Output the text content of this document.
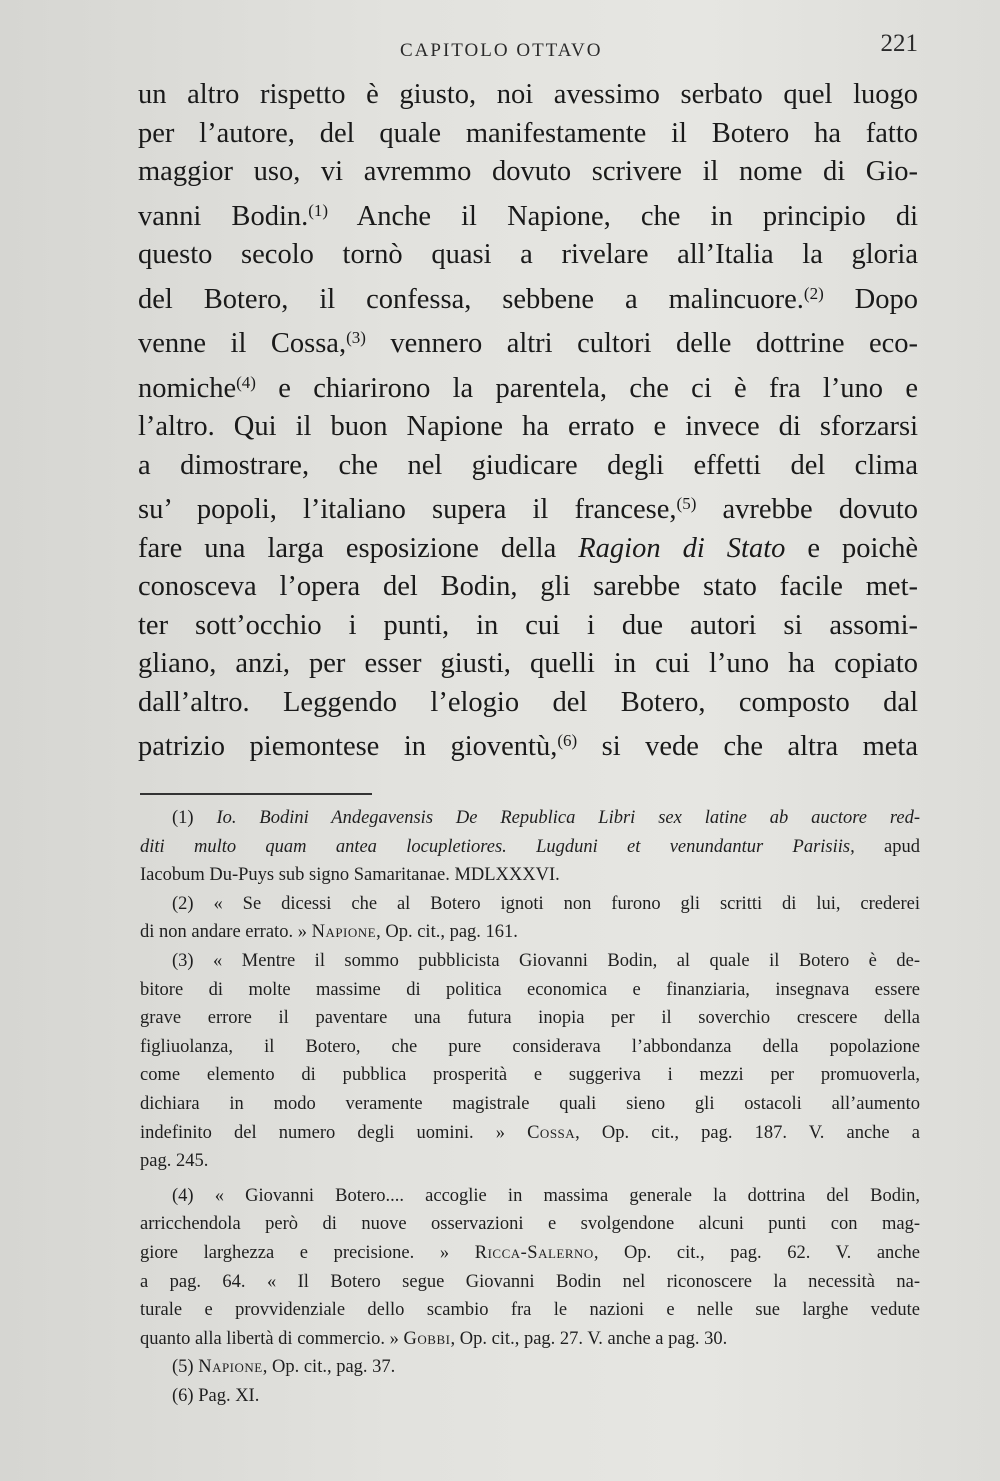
CAPITOLO OTTAVO	221
un altro rispetto è giusto, noi avessimo serbato quel luogo
per l’autore, del quale manifestamente il Botero ha fatto
maggior uso, vi avremmo dovuto scrivere il nome di Gio-
vanni Bodin.$^{(1)}$ Anche il Napione, che in principio di
questo secolo tornò quasi a rivelare all’Italia la gloria
del Botero, il confessa, sebbene a malincuore.$^{(2)}$ Dopo
venne il Cossa,$^{(3)}$ vennero altri cultori delle dottrine eco-
nomiche$^{(4)}$ e chiarirono la parentela, che ci è fra l’uno e
l’altro. Qui il buon Napione ha errato e invece di sforzarsi
a dimostrare, che nel giudicare degli effetti del clima
su’ popoli, l’italiano supera il francese,$^{(5)}$ avrebbe dovuto
fare una larga esposizione della Ragion di Stato e poichè
conosceva l’opera del Bodin, gli sarebbe stato facile met-
ter sott’occhio i punti, in cui i due autori si assomi-
gliano, anzi, per esser giusti, quelli in cui l’uno ha copiato
dall’altro. Leggendo l’elogio del Botero, composto dal
patrizio piemontese in gioventù,$^{(6)}$ si vede che altra meta
(1) Io. Bodini Andegavensis De Republica Libri sex latine ab auctore red-
diti multo quam antea locupletiores. Lugduni et venundantur Parisiis, apud
Iacobum Du-Puys sub signo Samaritanae. MDLXXXVI.
(2) « Se dicessi che al Botero ignoti non furono gli scritti di lui, crederei
di non andare errato. » Napione, Op. cit., pag. 161.
(3) « Mentre il sommo pubblicista Giovanni Bodin, al quale il Botero è de-
bitore di molte massime di politica economica e finanziaria, insegnava essere
grave errore il paventare una futura inopia per il soverchio crescere della
figliuolanza, il Botero, che pure considerava l’abbondanza della popolazione
come elemento di pubblica prosperità e suggeriva i mezzi per promuoverla,
dichiara in modo veramente magistrale quali sieno gli ostacoli all’aumento
indefinito del numero degli uomini. » Cossa, Op. cit., pag. 187. V. anche a
pag. 245.
(4) « Giovanni Botero.... accoglie in massima generale la dottrina del Bodin,
arricchendola però di nuove osservazioni e svolgendone alcuni punti con mag-
giore larghezza e precisione. » Ricca-Salerno, Op. cit., pag. 62. V. anche
a pag. 64. « Il Botero segue Giovanni Bodin nel riconoscere la necessità na-
turale e provvidenziale dello scambio fra le nazioni e nelle sue larghe vedute
quanto alla libertà di commercio. » Gobbi, Op. cit., pag. 27. V. anche a pag. 30.
(5) Napione, Op. cit., pag. 37.
(6) Pag. XI.
